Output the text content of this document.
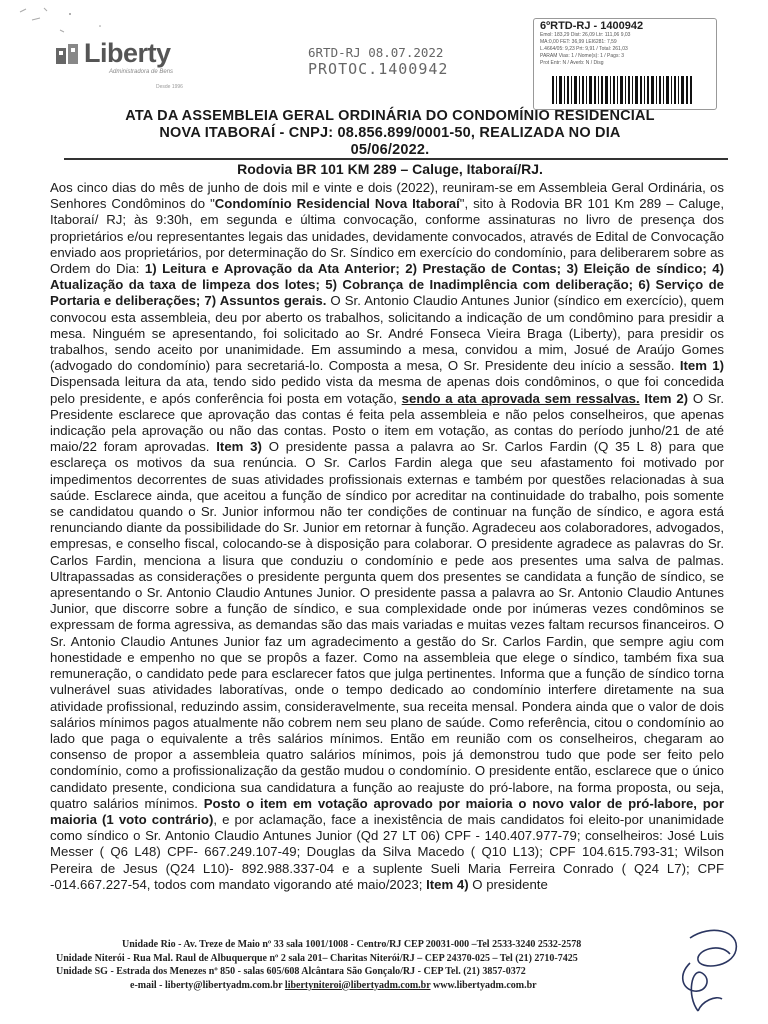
Liberty
Administradora de Bens
Desde 1996
6RTD-RJ 08.07.2022
PROTOC.1400942
6ºRTD-RJ - 1400942
Emol: 183,29 Dist: 26,09 Ltr: 111,06 9,03
MA:0,00 FET: 36,99 LEI6281: 7,59
L.4664/05: 9,23 Prt: 9,91 / Total: 261,03
PARAM Vias: 1 / Nome(s): 1 / Pags: 3
Prot Entr: N / Averb: N / Disg
ATA DA ASSEMBLEIA GERAL ORDINÁRIA DO CONDOMÍNIO RESIDENCIAL
NOVA ITABORAÍ - CNPJ: 08.856.899/0001-50, REALIZADA NO DIA
05/06/2022.
Rodovia BR 101 KM 289 – Caluge, Itaboraí/RJ.
Aos cinco dias do mês de junho de dois mil e vinte e dois (2022), reuniram-se em Assembleia Geral Ordinária, os Senhores Condôminos do "Condomínio Residencial Nova Itaboraí", sito à Rodovia BR 101 Km 289 – Caluge, Itaboraí/ RJ; às 9:30h, em segunda e última convocação, conforme assinaturas no livro de presença dos proprietários e/ou representantes legais das unidades, devidamente convocados, através de Edital de Convocação enviado aos proprietários, por determinação do Sr. Síndico em exercício do condomínio, para deliberarem sobre as Ordem do Dia: 1) Leitura e Aprovação da Ata Anterior; 2) Prestação de Contas; 3) Eleição de síndico; 4) Atualização da taxa de limpeza dos lotes; 5) Cobrança de Inadimplência com deliberação; 6) Serviço de Portaria e deliberações; 7) Assuntos gerais. O Sr. Antonio Claudio Antunes Junior (síndico em exercício), quem convocou esta assembleia, deu por aberto os trabalhos, solicitando a indicação de um condômino para presidir a mesa. Ninguém se apresentando, foi solicitado ao Sr. André Fonseca Vieira Braga (Liberty), para presidir os trabalhos, sendo aceito por unanimidade. Em assumindo a mesa, convidou a mim, Josué de Araújo Gomes (advogado do condomínio) para secretariá-lo. Composta a mesa, O Sr. Presidente deu início a sessão. Item 1) Dispensada leitura da ata, tendo sido pedido vista da mesma de apenas dois condôminos, o que foi concedida pelo presidente, e após conferência foi posta em votação, sendo a ata aprovada sem ressalvas. Item 2) O Sr. Presidente esclarece que aprovação das contas é feita pela assembleia e não pelos conselheiros, que apenas indicação pela aprovação ou não das contas. Posto o item em votação, as contas do período junho/21 de até maio/22 foram aprovadas. Item 3) O presidente passa a palavra ao Sr. Carlos Fardin (Q 35 L 8) para que esclareça os motivos da sua renúncia. O Sr. Carlos Fardin alega que seu afastamento foi motivado por impedimentos decorrentes de suas atividades profissionais externas e também por questões relacionadas à sua saúde. Esclarece ainda, que aceitou a função de síndico por acreditar na continuidade do trabalho, pois somente se candidatou quando o Sr. Junior informou não ter condições de continuar na função de síndico, e agora está renunciando diante da possibilidade do Sr. Junior em retornar à função. Agradeceu aos colaboradores, advogados, empresas, e conselho fiscal, colocando-se à disposição para colaborar. O presidente agradece as palavras do Sr. Carlos Fardin, menciona a lisura que conduziu o condomínio e pede aos presentes uma salva de palmas. Ultrapassadas as considerações o presidente pergunta quem dos presentes se candidata a função de síndico, se apresentando o Sr. Antonio Claudio Antunes Junior. O presidente passa a palavra ao Sr. Antonio Claudio Antunes Junior, que discorre sobre a função de síndico, e sua complexidade onde por inúmeras vezes condôminos se expressam de forma agressiva, as demandas são das mais variadas e muitas vezes faltam recursos financeiros. O Sr. Antonio Claudio Antunes Junior faz um agradecimento a gestão do Sr. Carlos Fardin, que sempre agiu com honestidade e empenho no que se propôs a fazer. Como na assembleia que elege o síndico, também fixa sua remuneração, o candidato pede para esclarecer fatos que julga pertinentes. Informa que a função de síndico torna vulnerável suas atividades laboratívas, onde o tempo dedicado ao condomínio interfere diretamente na sua atividade profissional, reduzindo assim, consideravelmente, sua receita mensal. Pondera ainda que o valor de dois salários mínimos pagos atualmente não cobrem nem seu plano de saúde. Como referência, citou o condomínio ao lado que paga o equivalente a três salários mínimos. Então em reunião com os conselheiros, chegaram ao consenso de propor a assembleia quatro salários mínimos, pois já demonstrou tudo que pode ser feito pelo condomínio, como a profissionalização da gestão mudou o condomínio. O presidente então, esclarece que o único candidato presente, condiciona sua candidatura a função ao reajuste do pró-labore, na forma proposta, ou seja, quatro salários mínimos. Posto o item em votação aprovado por maioria o novo valor de pró-labore, por maioria (1 voto contrário), e por aclamação, face a inexistência de mais candidatos foi eleito-por unanimidade como síndico o Sr. Antonio Claudio Antunes Junior (Qd 27 LT 06) CPF - 140.407.977-79; conselheiros: José Luis Messer ( Q6 L48) CPF- 667.249.107-49; Douglas da Silva Macedo ( Q10 L13); CPF 104.615.793-31; Wilson Pereira de Jesus (Q24 L10)- 892.988.337-04 e a suplente Sueli Maria Ferreira Conrado ( Q24 L7); CPF -014.667.227-54, todos com mandato vigorando até maio/2023; Item 4) O presidente
Unidade Rio - Av. Treze de Maio nº 33 sala 1001/1008 - Centro/RJ CEP 20031-000 –Tel 2533-3240 2532-2578
Unidade Niterói - Rua Mal. Raul de Albuquerque nº 2 sala 201– Charitas Niterói/RJ – CEP 24370-025 – Tel (21) 2710-7425
Unidade SG - Estrada dos Menezes nº 850 - salas 605/608 Alcântara São Gonçalo/RJ - CEP Tel. (21) 3857-0372
e-mail - liberty@libertyadm.com.br libertyniteroi@libertyadm.com.br www.libertyadm.com.br
